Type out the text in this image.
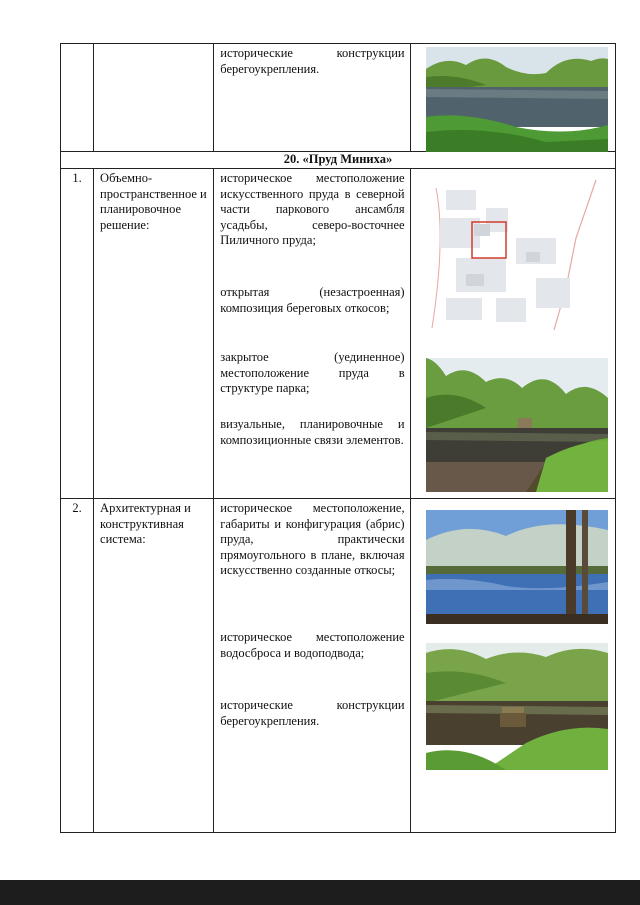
		исторические конструкции берегоукрепления.	

20. «Пруд Миниха»			
1.	Объемно-пространственное и планировочное решение:	историческое местоположение искусственного пруда в северной части паркового ансамбля усадьбы, северо-восточнее Пиличного пруда;
открытая (незастроенная) композиция береговых откосов;
закрытое (уединенное) местоположение пруда в структуре парка;
визуальные, планировочные и композиционные связи элементов.	

2.	Архитектурная и конструктивная система:	историческое местоположение, габариты и конфигурация (абрис) пруда, практически прямоугольного в плане, включая искусственно созданные откосы;
историческое местоположение водосброса и водоподвода;
исторические конструкции берегоукрепления.	
